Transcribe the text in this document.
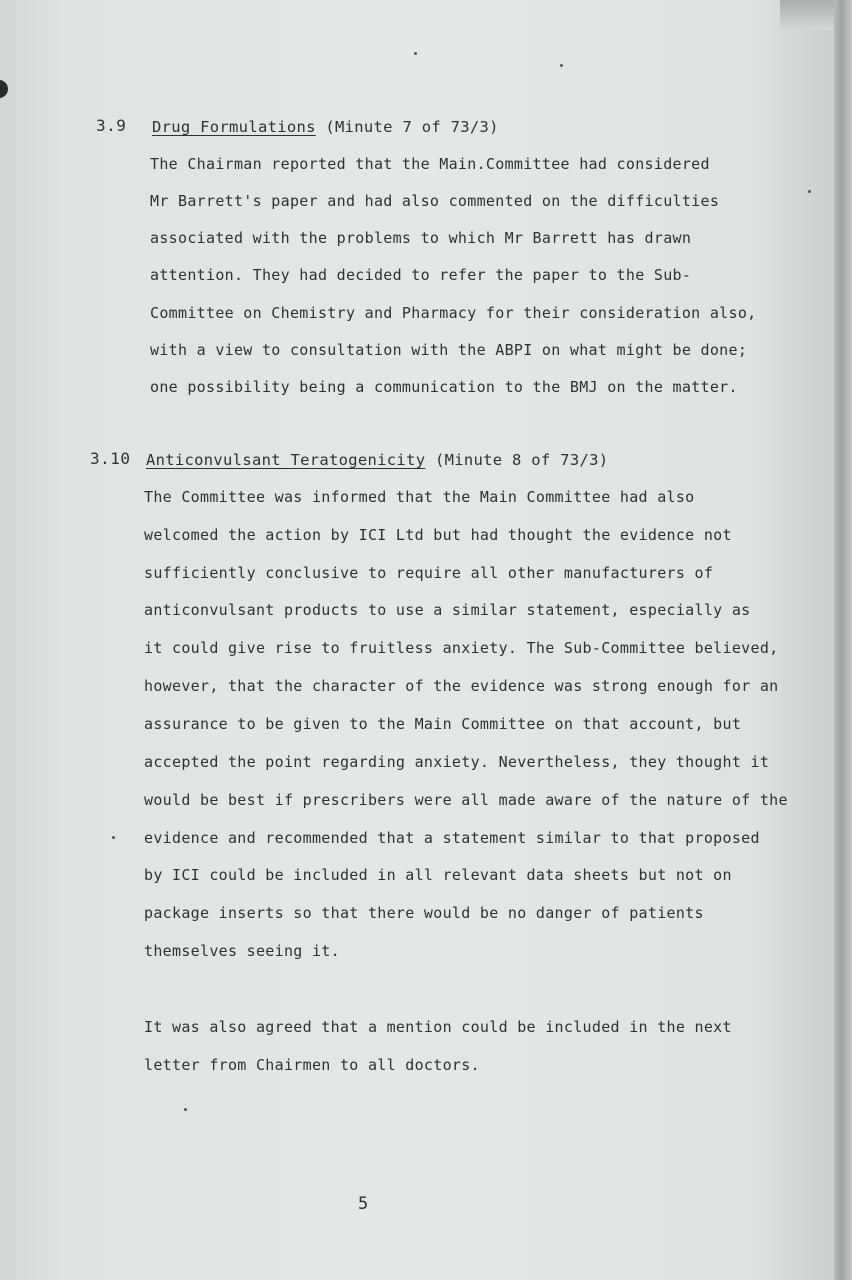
3.9 Drug Formulations (Minute 7 of 73/3)
The Chairman reported that the Main.Committee had considered
Mr Barrett's paper and had also commented on the difficulties
associated with the problems to which Mr Barrett has drawn
attention. They had decided to refer the paper to the Sub-
Committee on Chemistry and Pharmacy for their consideration also,
with a view to consultation with the ABPI on what might be done;
one possibility being a communication to the BMJ on the matter.
3.10 Anticonvulsant Teratogenicity (Minute 8 of 73/3)
The Committee was informed that the Main Committee had also
welcomed the action by ICI Ltd but had thought the evidence not
sufficiently conclusive to require all other manufacturers of
anticonvulsant products to use a similar statement, especially as
it could give rise to fruitless anxiety. The Sub-Committee believed,
however, that the character of the evidence was strong enough for an
assurance to be given to the Main Committee on that account, but
accepted the point regarding anxiety. Nevertheless, they thought it
would be best if prescribers were all made aware of the nature of the
evidence and recommended that a statement similar to that proposed
by ICI could be included in all relevant data sheets but not on
package inserts so that there would be no danger of patients
themselves seeing it.
It was also agreed that a mention could be included in the next
letter from Chairmen to all doctors.
5
